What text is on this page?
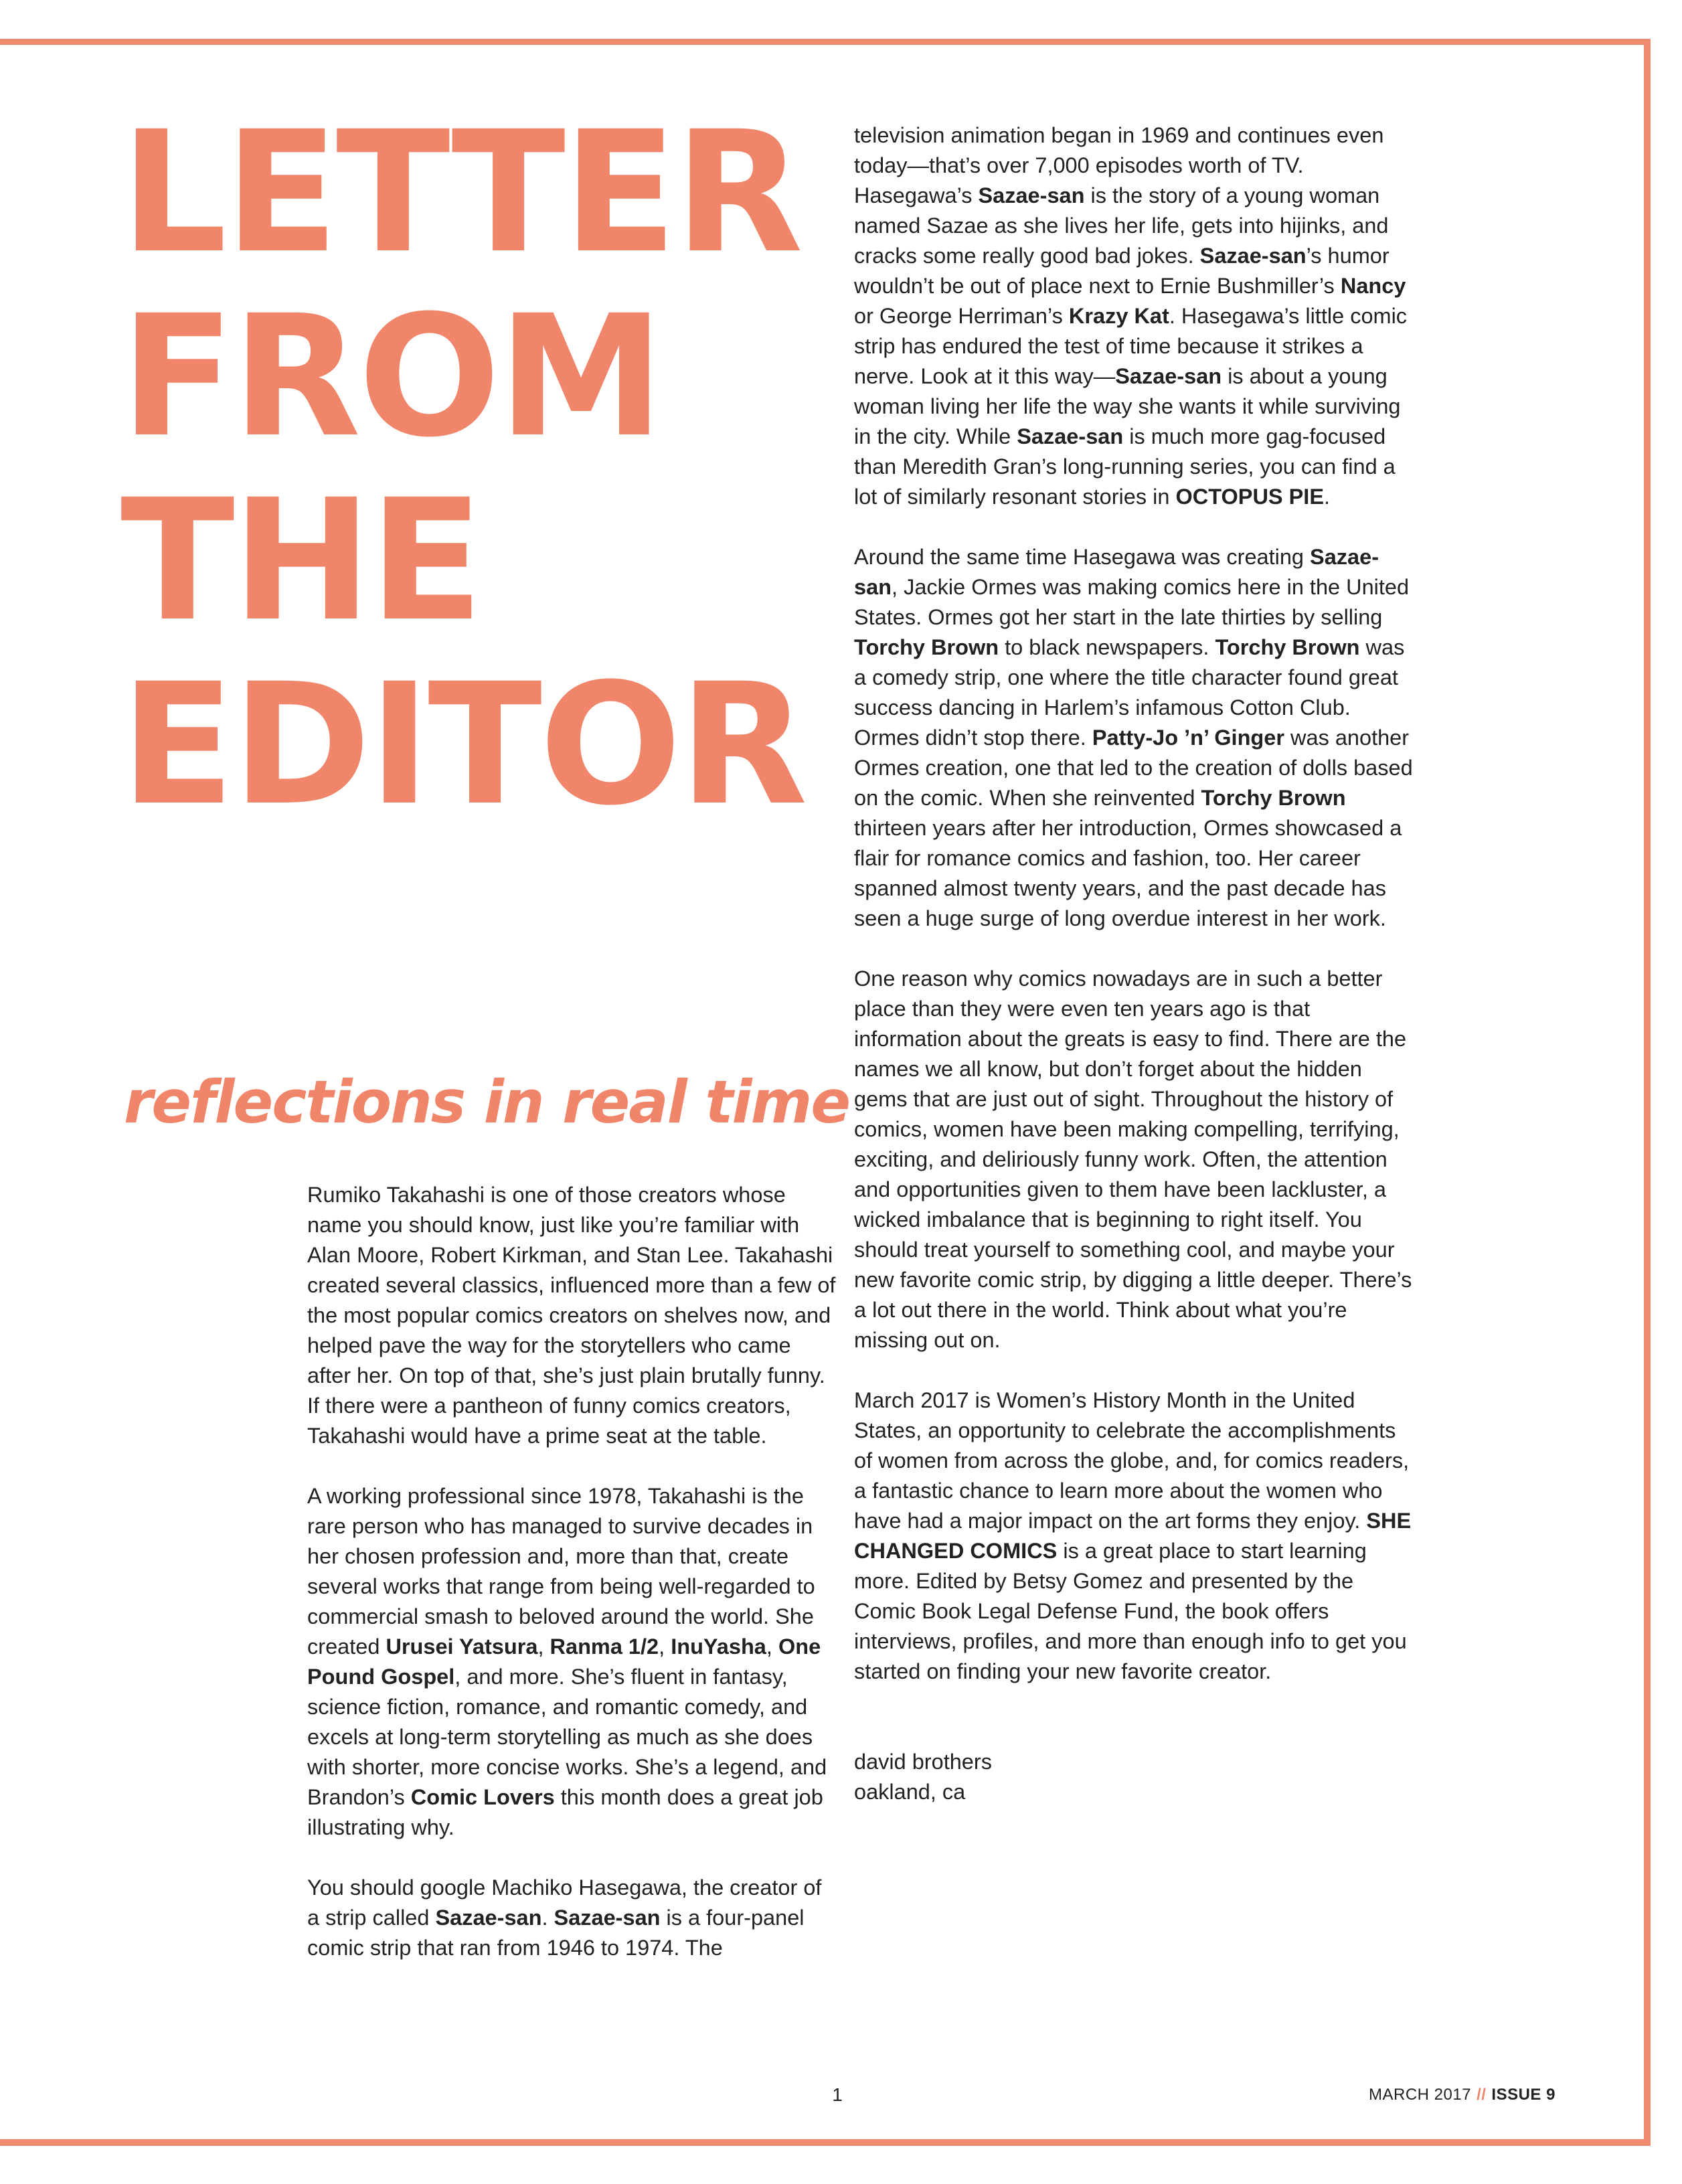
LETTER
FROM
THE
EDITOR
reflections in real time

Rumiko Takahashi is one of those creators whose name you should know, just like you’re familiar with Alan Moore, Robert Kirkman, and Stan Lee. Takahashi created several classics, influenced more than a few of the most popular comics creators on shelves now, and helped pave the way for the storytellers who came after her. On top of that, she’s just plain brutally funny. If there were a pantheon of funny comics creators, Takahashi would have a prime seat at the table.

A working professional since 1978, Takahashi is the rare person who has managed to survive decades in her chosen profession and, more than that, create several works that range from being well-regarded to commercial smash to beloved around the world. She created Urusei Yatsura, Ranma 1/2, InuYasha, One Pound Gospel, and more. She’s fluent in fantasy, science fiction, romance, and romantic comedy, and excels at long-term storytelling as much as she does with shorter, more concise works. She’s a legend, and Brandon’s Comic Lovers this month does a great job illustrating why.

You should google Machiko Hasegawa, the creator of a strip called Sazae-san. Sazae-san is a four-panel comic strip that ran from 1946 to 1974. The

television animation began in 1969 and continues even today—that’s over 7,000 episodes worth of TV. Hasegawa’s Sazae-san is the story of a young woman named Sazae as she lives her life, gets into hijinks, and cracks some really good bad jokes. Sazae-san’s humor wouldn’t be out of place next to Ernie Bushmiller’s Nancy or George Herriman’s Krazy Kat. Hasegawa’s little comic strip has endured the test of time because it strikes a nerve. Look at it this way—Sazae-san is about a young woman living her life the way she wants it while surviving in the city. While Sazae-san is much more gag-focused than Meredith Gran’s long-running series, you can find a lot of similarly resonant stories in OCTOPUS PIE.

Around the same time Hasegawa was creating Sazae-san, Jackie Ormes was making comics here in the United States. Ormes got her start in the late thirties by selling Torchy Brown to black newspapers. Torchy Brown was a comedy strip, one where the title character found great success dancing in Harlem’s infamous Cotton Club. Ormes didn’t stop there. Patty-Jo ’n’ Ginger was another Ormes creation, one that led to the creation of dolls based on the comic. When she reinvented Torchy Brown thirteen years after her introduction, Ormes showcased a flair for romance comics and fashion, too. Her career spanned almost twenty years, and the past decade has seen a huge surge of long overdue interest in her work.

One reason why comics nowadays are in such a better place than they were even ten years ago is that information about the greats is easy to find. There are the names we all know, but don’t forget about the hidden gems that are just out of sight. Throughout the history of comics, women have been making compelling, terrifying, exciting, and deliriously funny work. Often, the attention and opportunities given to them have been lackluster, a wicked imbalance that is beginning to right itself. You should treat yourself to something cool, and maybe your new favorite comic strip, by digging a little deeper. There’s a lot out there in the world. Think about what you’re missing out on.

March 2017 is Women’s History Month in the United States, an opportunity to celebrate the accomplishments of women from across the globe, and, for comics readers, a fantastic chance to learn more about the women who have had a major impact on the art forms they enjoy. SHE CHANGED COMICS is a great place to start learning more. Edited by Betsy Gomez and presented by the Comic Book Legal Defense Fund, the book offers interviews, profiles, and more than enough info to get you started on finding your new favorite creator.

david brothers
oakland, ca
1	MARCH 2017 // ISSUE 9
